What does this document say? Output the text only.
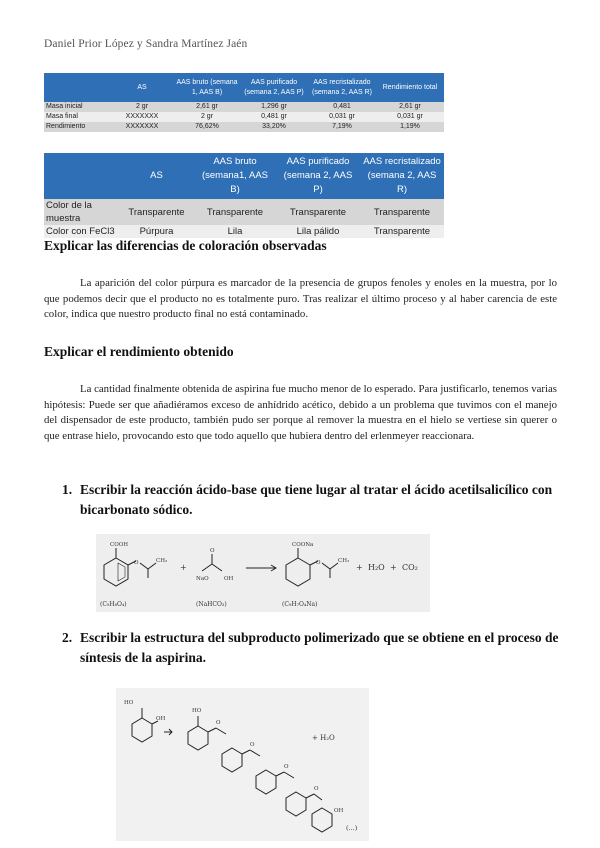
Daniel Prior López y Sandra Martínez Jaén
	AS	AAS bruto (semana 1, AAS B)	AAS purificado (semana 2, AAS P)	AAS recristalizado (semana 2, AAS R)	Rendimiento total
Masa inicial	2 gr	2,61 gr	1,296 gr	0,481	2,61 gr
Masa final	XXXXXXX	2 gr	0,481 gr	0,031 gr	0,031 gr
Rendimiento	XXXXXXX	76,62%	33,20%	7,19%	1,19%
	AS	AAS bruto (semana1, AAS B)	AAS purificado (semana 2, AAS P)	AAS recristalizado (semana 2, AAS R)
Color de la muestra	Transparente	Transparente	Transparente	Transparente
Color con FeCl3	Púrpura	Lila	Lila pálido	Transparente
Explicar las diferencias de coloración observadas
La aparición del color púrpura es marcador de la presencia de grupos fenoles y enoles en la muestra, por lo que podemos decir que el producto no es totalmente puro. Tras realizar el último proceso y al haber carencia de este color, indica que nuestro producto final no está contaminado.
Explicar el rendimiento obtenido
La cantidad finalmente obtenida de aspirina fue mucho menor de lo esperado. Para justificarlo, tenemos varias hipótesis: Puede ser que añadiéramos exceso de anhídrido acético, debido a un problema que tuvimos con el manejo del dispensador de este producto, también pudo ser porque al remover la muestra en el hielo se vertiese sin querer o que entrase hielo, provocando esto que todo aquello que hubiera dentro del erlenmeyer reaccionara.
1. Escribir la reacción ácido-base que tiene lugar al tratar el ácido acetilsalicílico con bicarbonato sódico.
COOH
O	CH₃
+
O
NaO	OH
COONa
O	CH₃
+ H₂O + CO₂
(C₉H₈O₄)	(NaHCO₃)	(C₉H₇O₄Na)
2. Escribir la estructura del subproducto polimerizado que se obtiene en el proceso de síntesis de la aspirina.
HO
OH
HO
O
O
O
O
OH
+ H₂O
(...)
